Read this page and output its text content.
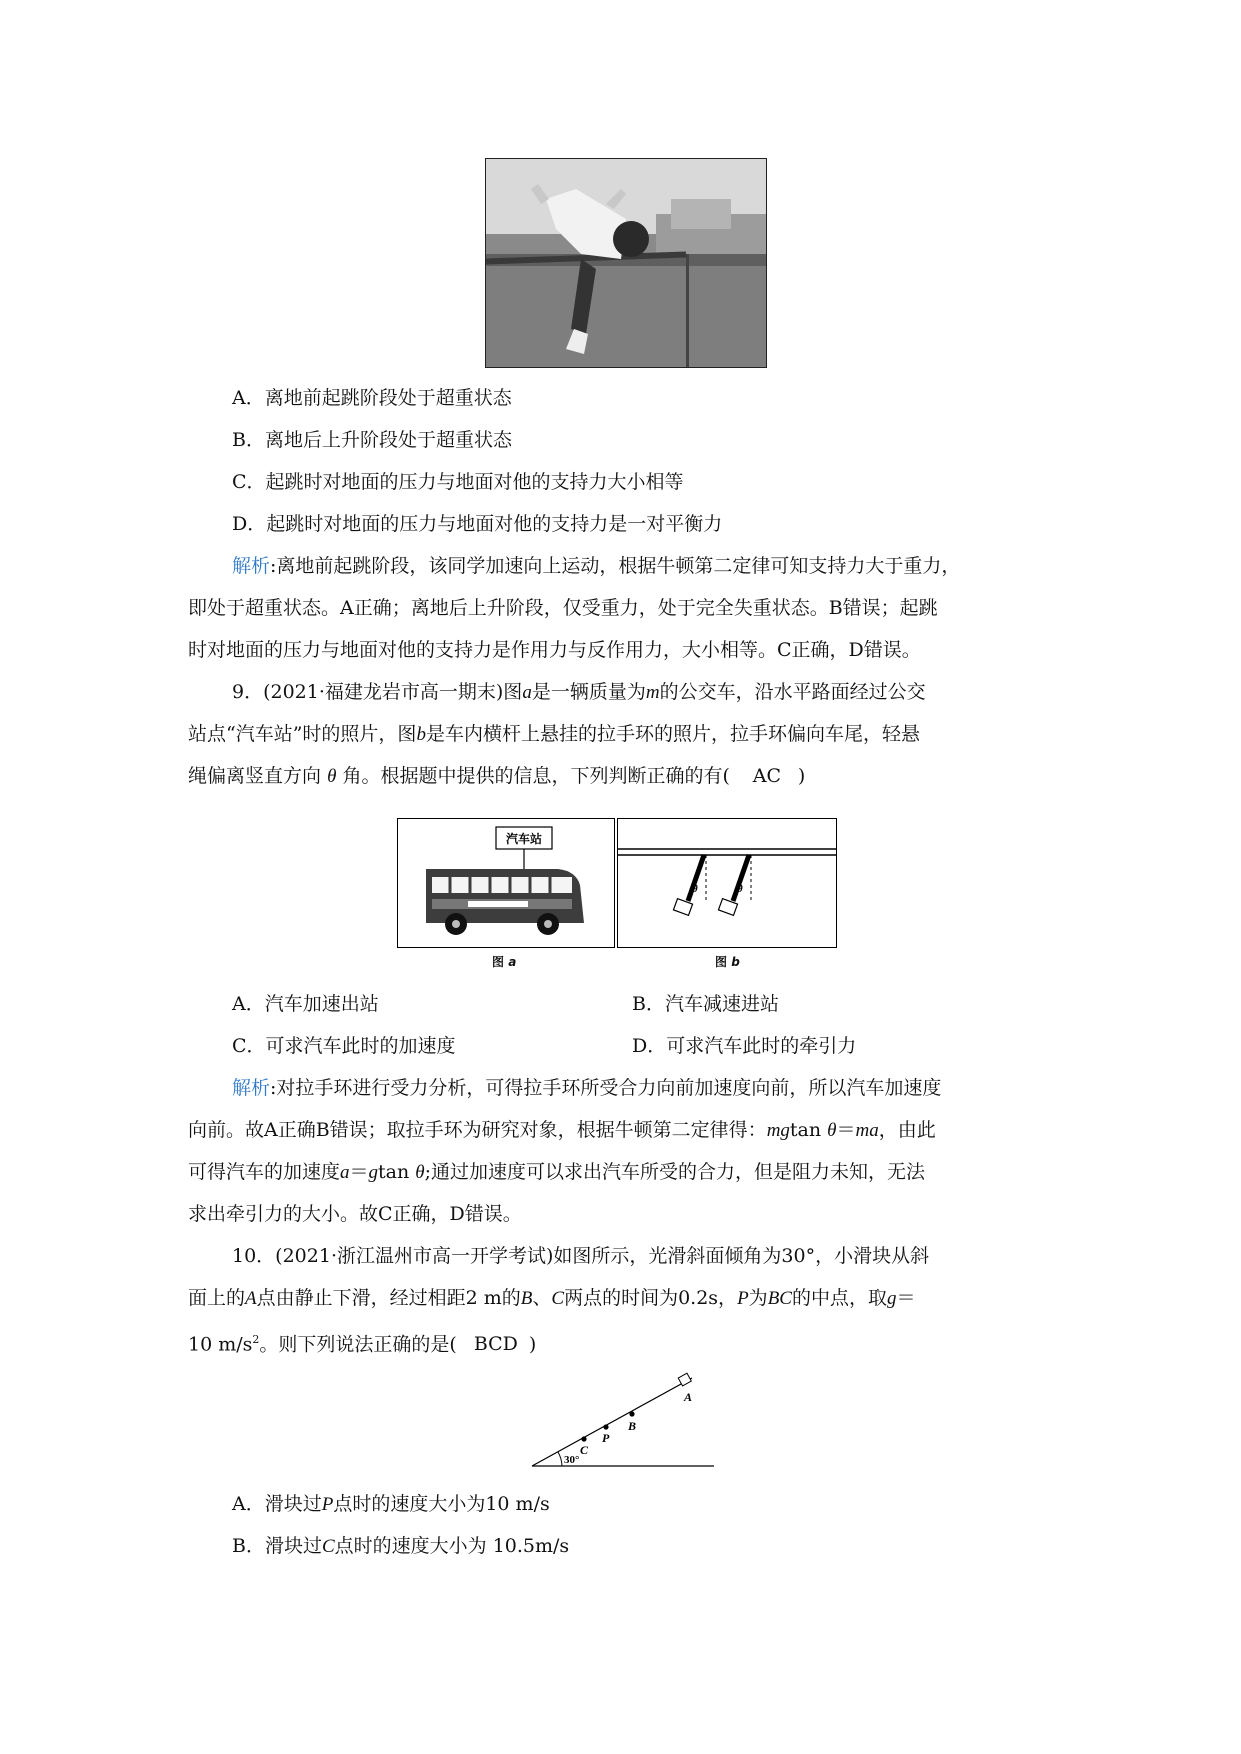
A．离地前起跳阶段处于超重状态
B．离地后上升阶段处于超重状态
C．起跳时对地面的压力与地面对他的支持力大小相等
D．起跳时对地面的压力与地面对他的支持力是一对平衡力
解析:离地前起跳阶段，该同学加速向上运动，根据牛顿第二定律可知支持力大于重力，
即处于超重状态。A正确；离地后上升阶段，仅受重力，处于完全失重状态。B错误；起跳
时对地面的压力与地面对他的支持力是作用力与反作用力，大小相等。C正确，D错误。
9．(2021·福建龙岩市高一期末)图a是一辆质量为m的公交车，沿水平路面经过公交
站点“汽车站”时的照片，图b是车内横杆上悬挂的拉手环的照片，拉手环偏向车尾，轻悬
绳偏离竖直方向 θ 角。根据题中提供的信息，下列判断正确的有( AC )
汽车站
图 a
θ	θ
图 b
A．汽车加速出站	B．汽车减速进站
C．可求汽车此时的加速度	D．可求汽车此时的牵引力
解析:对拉手环进行受力分析，可得拉手环所受合力向前加速度向前，所以汽车加速度
向前。故A正确B错误；取拉手环为研究对象，根据牛顿第二定律得：mgtan θ＝ma，由此
可得汽车的加速度a＝gtan θ;通过加速度可以求出汽车所受的合力，但是阻力未知，无法
求出牵引力的大小。故C正确，D错误。
10．(2021·浙江温州市高一开学考试)如图所示，光滑斜面倾角为30°，小滑块从斜
面上的A点由静止下滑，经过相距2 m的B、C两点的时间为0.2s，P为BC的中点，取g＝
10 $m/s^2$。则下列说法正确的是( BCD )
30°
A
B
P
C
A．滑块过P点时的速度大小为10 m/s
B．滑块过C点时的速度大小为 10.5m/s
